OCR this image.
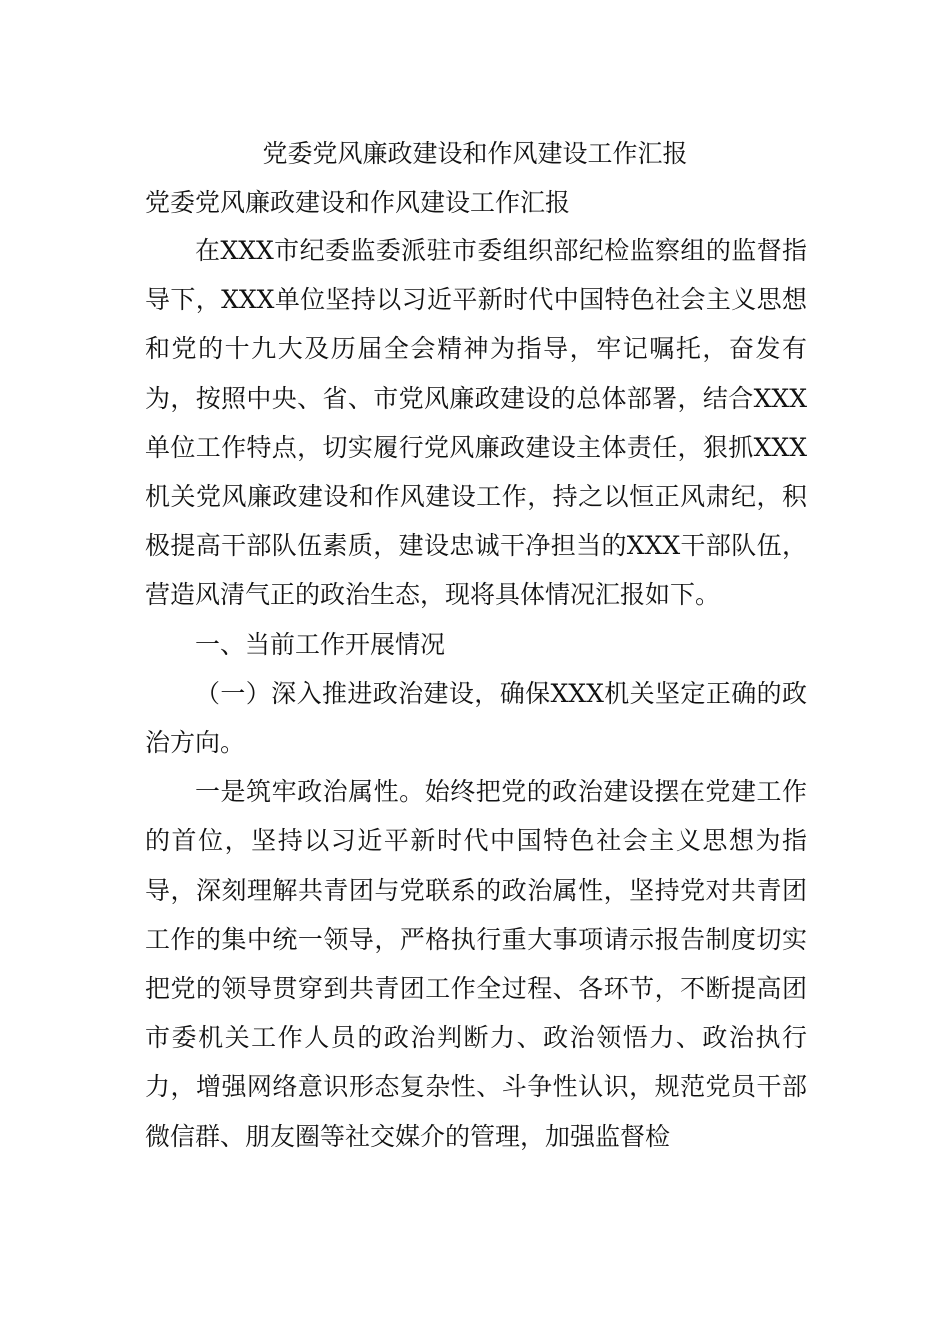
党委党风廉政建设和作风建设工作汇报
党委党风廉政建设和作风建设工作汇报

在XXX市纪委监委派驻市委组织部纪检监察组的监督指导下，XXX单位坚持以习近平新时代中国特色社会主义思想和党的十九大及历届全会精神为指导，牢记嘱托，奋发有为，按照中央、省、市党风廉政建设的总体部署，结合XXX单位工作特点，切实履行党风廉政建设主体责任，狠抓XXX机关党风廉政建设和作风建设工作，持之以恒正风肃纪，积极提高干部队伍素质，建设忠诚干净担当的XXX干部队伍，营造风清气正的政治生态，现将具体情况汇报如下。

一、当前工作开展情况

（一）深入推进政治建设，确保XXX机关坚定正确的政治方向。

一是筑牢政治属性。始终把党的政治建设摆在党建工作的首位，坚持以习近平新时代中国特色社会主义思想为指导，深刻理解共青团与党联系的政治属性，坚持党对共青团工作的集中统一领导，严格执行重大事项请示报告制度切实把党的领导贯穿到共青团工作全过程、各环节，不断提高团市委机关工作人员的政治判断力、政治领悟力、政治执行力，增强网络意识形态复杂性、斗争性认识，规范党员干部微信群、朋友圈等社交媒介的管理，加强监督检
